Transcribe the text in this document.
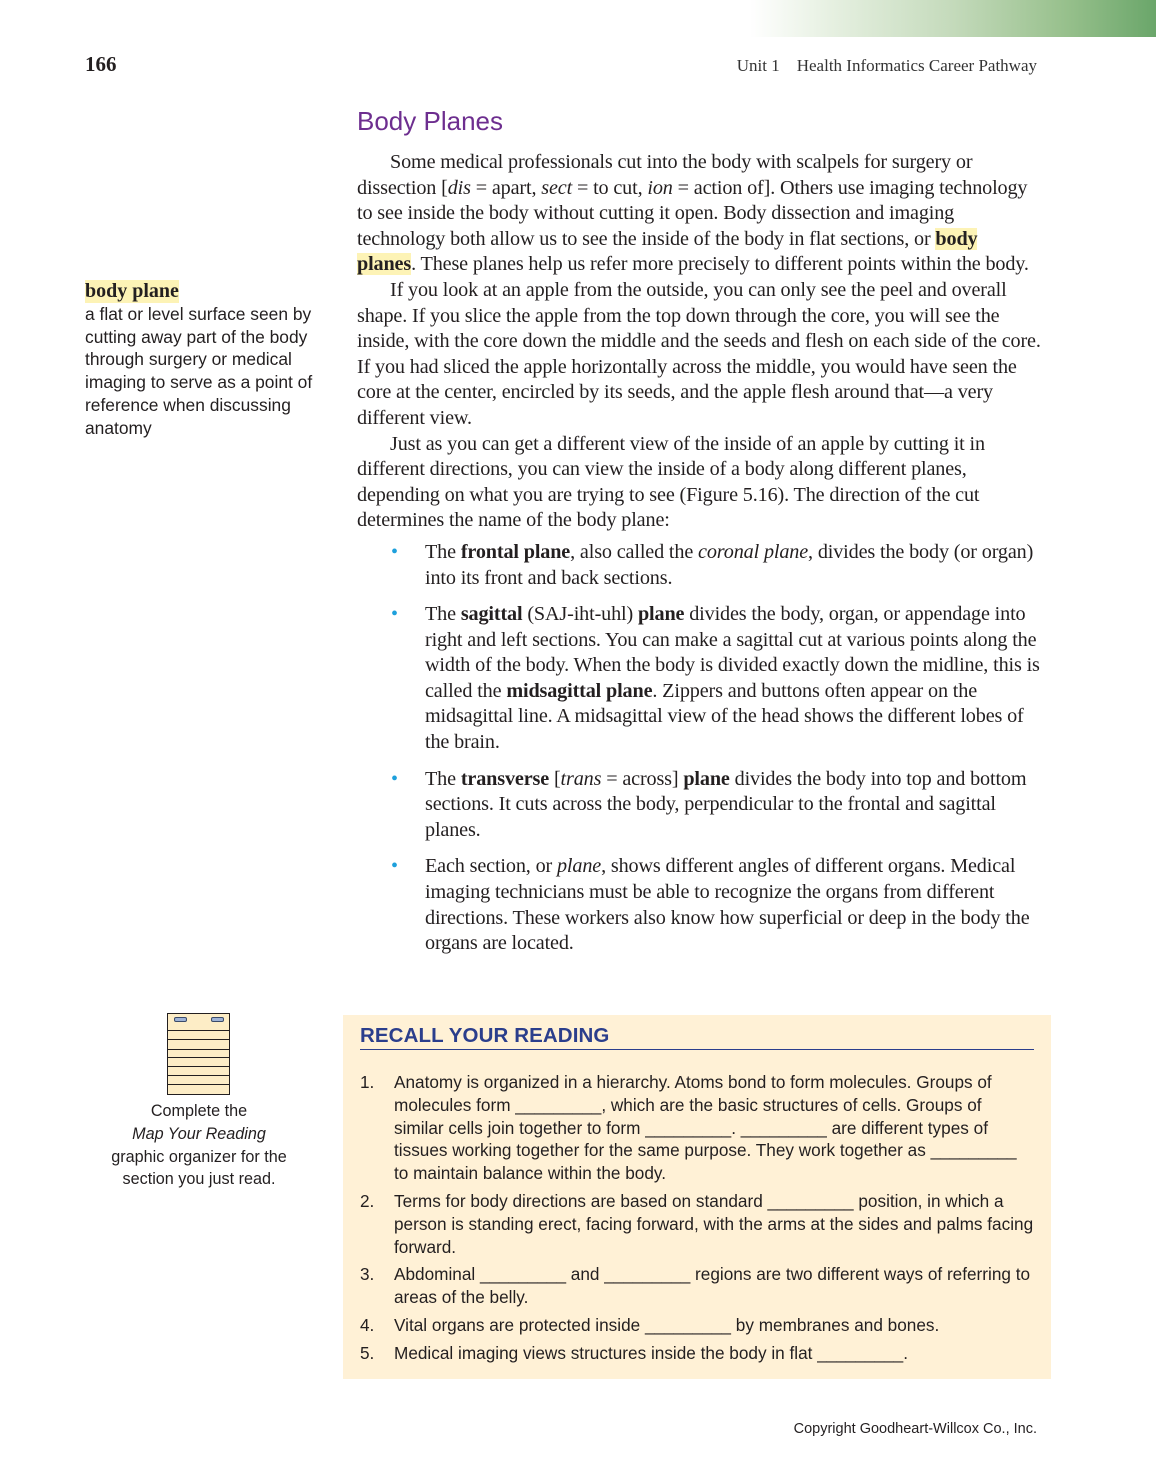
166	Unit 1    Health Informatics Career Pathway
Body Planes

Some medical professionals cut into the body with scalpels for surgery or dissection [dis = apart, sect = to cut, ion = action of]. Others use imaging technology to see inside the body without cutting it open. Body dissection and imaging technology both allow us to see the inside of the body in flat sections, or body planes. These planes help us refer more precisely to different points within the body.

If you look at an apple from the outside, you can only see the peel and overall shape. If you slice the apple from the top down through the core, you will see the inside, with the core down the middle and the seeds and flesh on each side of the core. If you had sliced the apple horizontally across the middle, you would have seen the core at the center, encircled by its seeds, and the apple flesh around that—a very different view.

Just as you can get a different view of the inside of an apple by cutting it in different directions, you can view the inside of a body along different planes, depending on what you are trying to see (Figure 5.16). The direction of the cut determines the name of the body plane:

• The frontal plane, also called the coronal plane, divides the body (or organ) into its front and back sections.
• The sagittal (SAJ-iht-uhl) plane divides the body, organ, or appendage into right and left sections. You can make a sagittal cut at various points along the width of the body. When the body is divided exactly down the midline, this is called the midsagittal plane. Zippers and buttons often appear on the midsagittal line. A midsagittal view of the head shows the different lobes of the brain.
• The transverse [trans = across] plane divides the body into top and bottom sections. It cuts across the body, perpendicular to the frontal and sagittal planes.
• Each section, or plane, shows different angles of different organs. Medical imaging technicians must be able to recognize the organs from different directions. These workers also know how superficial or deep in the body the organs are located.
body plane
a flat or level surface seen by cutting away part of the body through surgery or medical imaging to serve as a point of reference when discussing anatomy
Complete the
Map Your Reading
graphic organizer for the section you just read.
RECALL YOUR READING
1. Anatomy is organized in a hierarchy. Atoms bond to form molecules. Groups of molecules form _________, which are the basic structures of cells. Groups of similar cells join together to form _________. _________ are different types of tissues working together for the same purpose. They work together as _________ to maintain balance within the body.
2. Terms for body directions are based on standard _________ position, in which a person is standing erect, facing forward, with the arms at the sides and palms facing forward.
3. Abdominal _________ and _________ regions are two different ways of referring to areas of the belly.
4. Vital organs are protected inside _________ by membranes and bones.
5. Medical imaging views structures inside the body in flat _________.
Copyright Goodheart-Willcox Co., Inc.
